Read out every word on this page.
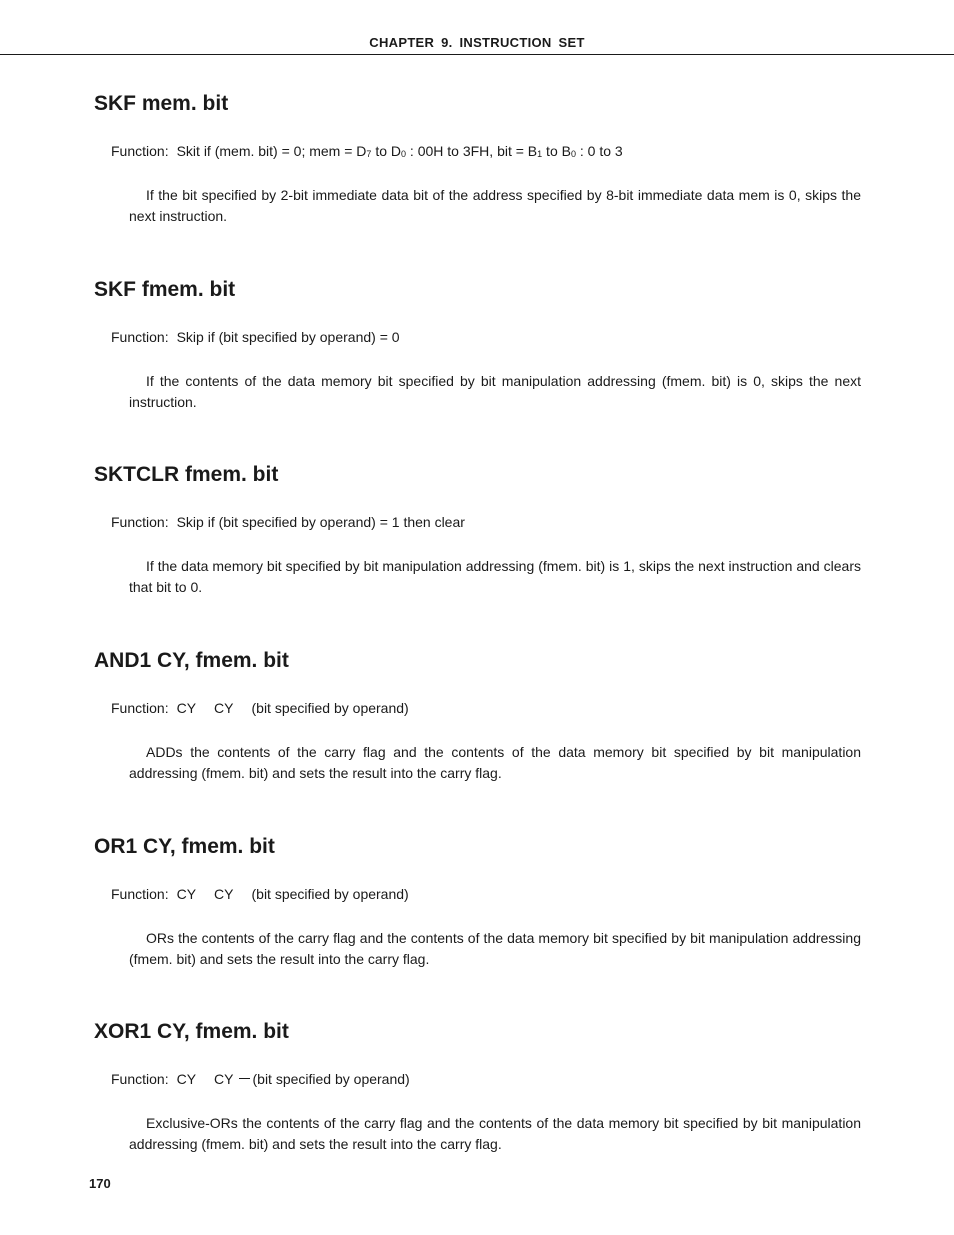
CHAPTER 9. INSTRUCTION SET
SKF mem. bit
Function: Skit if (mem. bit) = 0; mem = D7 to D0 : 00H to 3FH, bit = B1 to B0 : 0 to 3

If the bit specified by 2-bit immediate data bit of the address specified by 8-bit immediate data mem is 0, skips the next instruction.

SKF fmem. bit
Function: Skip if (bit specified by operand) = 0

If the contents of the data memory bit specified by bit manipulation addressing (fmem. bit) is 0, skips the next instruction.

SKTCLR fmem. bit
Function: Skip if (bit specified by operand) = 1 then clear

If the data memory bit specified by bit manipulation addressing (fmem. bit) is 1, skips the next instruction and clears that bit to 0.

AND1 CY, fmem. bit
Function: CY CY (bit specified by operand)

ADDs the contents of the carry flag and the contents of the data memory bit specified by bit manipulation addressing (fmem. bit) and sets the result into the carry flag.

OR1 CY, fmem. bit
Function: CY CY (bit specified by operand)

ORs the contents of the carry flag and the contents of the data memory bit specified by bit manipulation addressing (fmem. bit) and sets the result into the carry flag.

XOR1 CY, fmem. bit
Function: CY CY (bit specified by operand)

Exclusive-ORs the contents of the carry flag and the contents of the data memory bit specified by bit manipulation addressing (fmem. bit) and sets the result into the carry flag.

170
